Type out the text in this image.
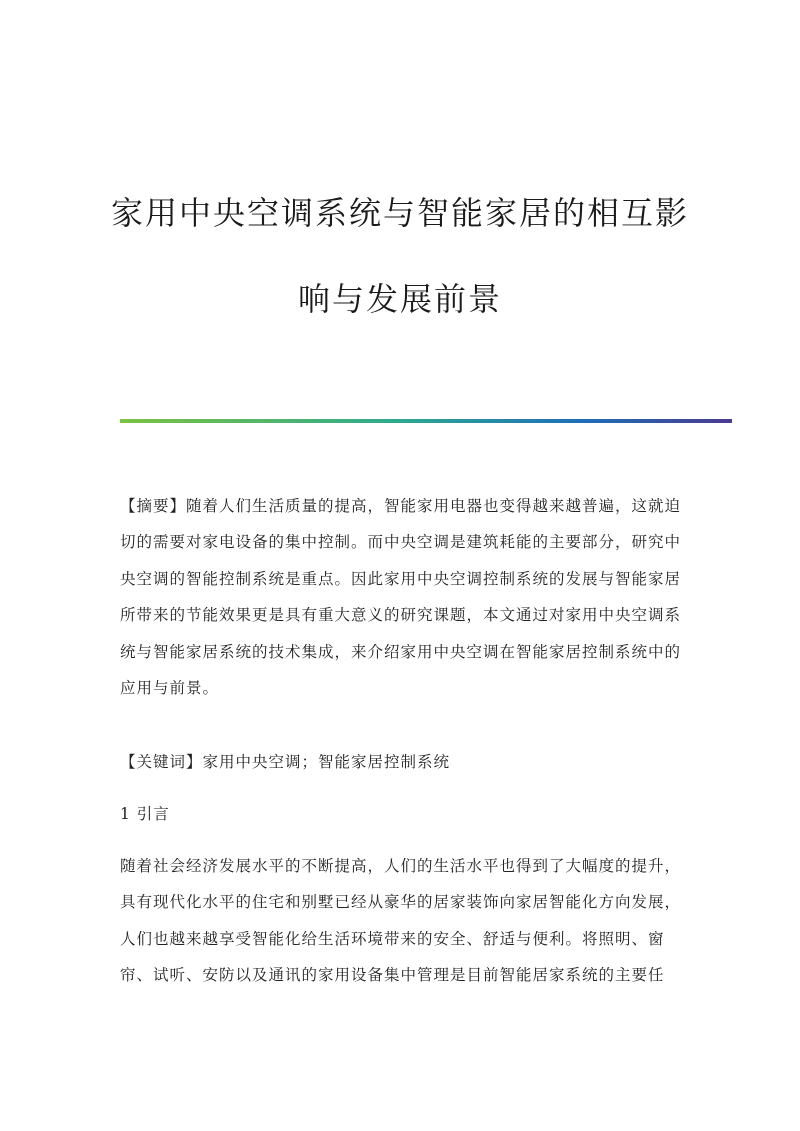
家用中央空调系统与智能家居的相互影
响与发展前景
【摘要】随着人们生活质量的提高，智能家用电器也变得越来越普遍，这就迫
切的需要对家电设备的集中控制。而中央空调是建筑耗能的主要部分，研究中
央空调的智能控制系统是重点。因此家用中央空调控制系统的发展与智能家居
所带来的节能效果更是具有重大意义的研究课题，本文通过对家用中央空调系
统与智能家居系统的技术集成，来介绍家用中央空调在智能家居控制系统中的
应用与前景。
【关键词】家用中央空调；智能家居控制系统
1 引言
随着社会经济发展水平的不断提高，人们的生活水平也得到了大幅度的提升，
具有现代化水平的住宅和别墅已经从豪华的居家装饰向家居智能化方向发展，
人们也越来越享受智能化给生活环境带来的安全、舒适与便利。将照明、窗
帘、试听、安防以及通讯的家用设备集中管理是目前智能居家系统的主要任
